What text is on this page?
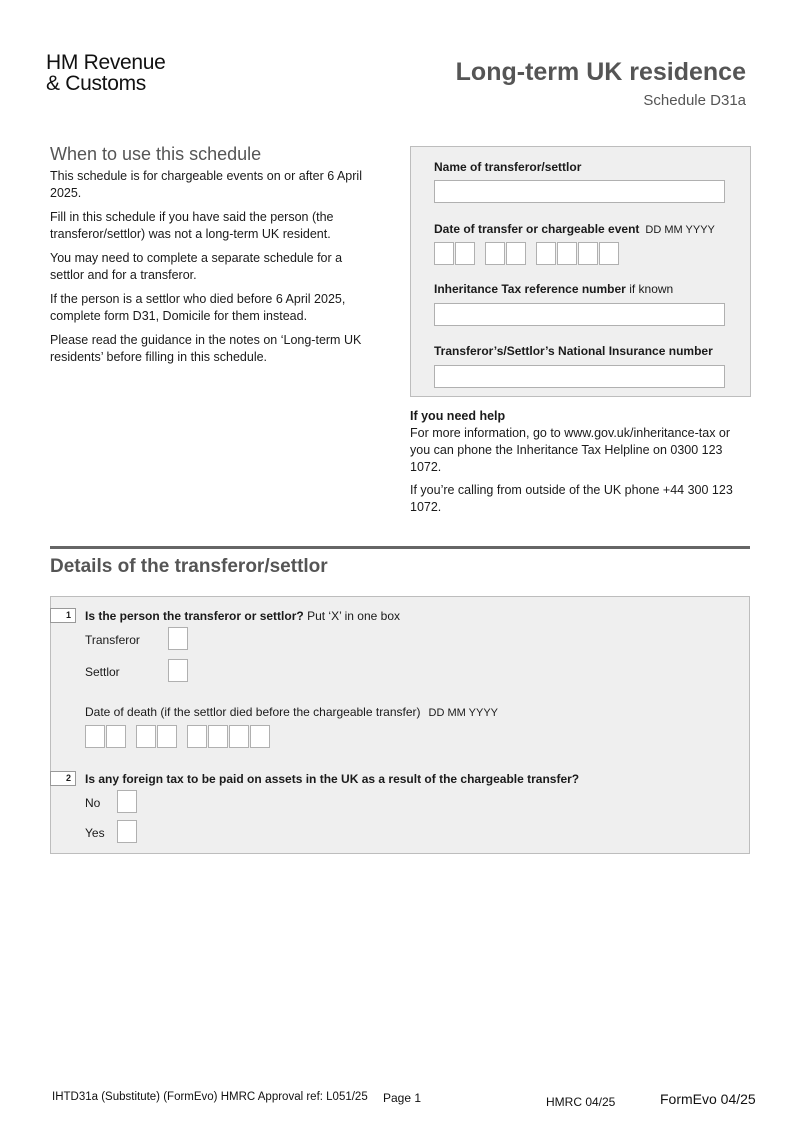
HM Revenue
& Customs	Long-term UK residence
Schedule D31a
When to use this schedule

This schedule is for chargeable events on or after 6 April 2025.

Fill in this schedule if you have said the person (the transferor/settlor) was not a long-term UK resident.

You may need to complete a separate schedule for a settlor and for a transferor.

If the person is a settlor who died before 6 April 2025, complete form D31, Domicile for them instead.

Please read the guidance in the notes on ‘Long-term UK residents’ before filling in this schedule.

Name of transferor/settlor
Date of transfer or chargeable event DD MM YYYY
Inheritance Tax reference number if known
Transferor’s/Settlor’s National Insurance number
If you need help

For more information, go to www.gov.uk/inheritance-tax or you can phone the Inheritance Tax Helpline on 0300 123 1072.

If you’re calling from outside of the UK phone +44 300 123 1072.

Details of the transferor/settlor
1	Is the person the transferor or settlor? Put ‘X’ in one box
Transferor
Settlor
Date of death (if the settlor died before the chargeable transfer) DD MM YYYY
2	Is any foreign tax to be paid on assets in the UK as a result of the chargeable transfer?
No
Yes
IHTD31a (Substitute) (FormEvo) HMRC Approval ref: L051/25 Page 1	HMRC 04/25	FormEvo 04/25
